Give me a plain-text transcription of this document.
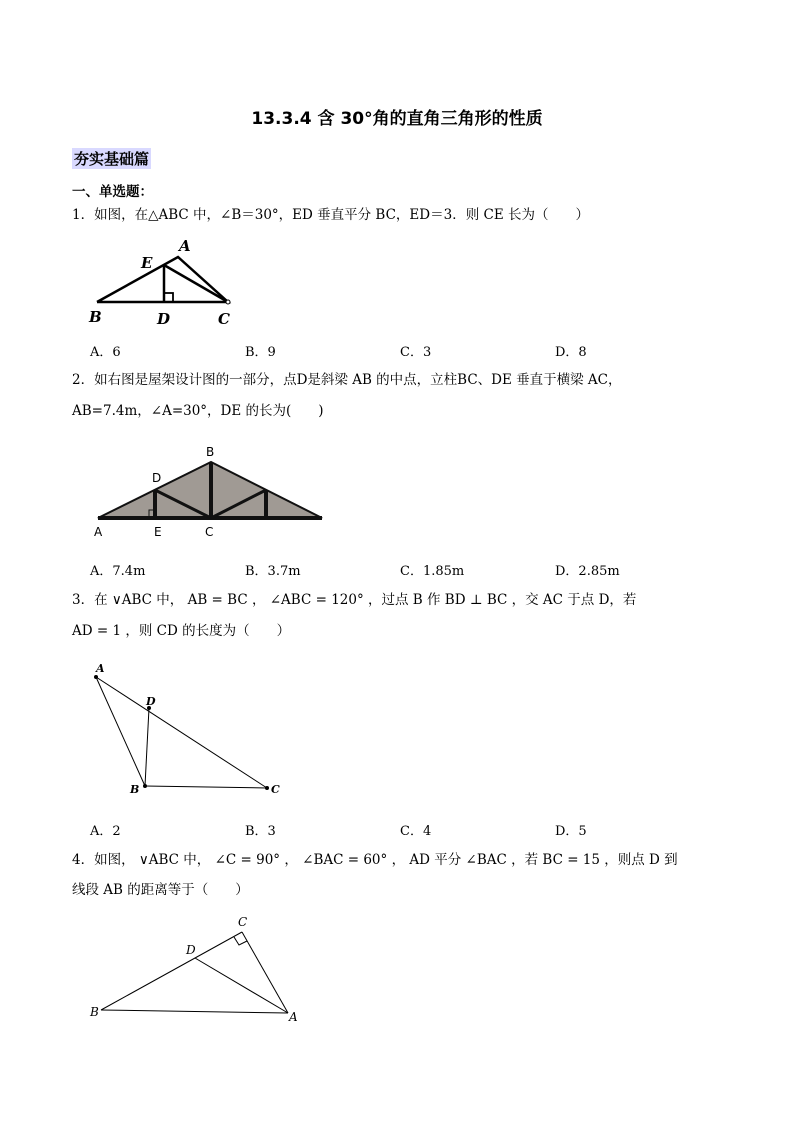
13.3.4 含 30°角的直角三角形的性质
夯实基础篇
一、单选题：
1．如图，在△ABC 中，∠B＝30°，ED 垂直平分 BC，ED＝3．则 CE 长为（　　）
A
E
B	D	C
A．6	B．9	C．3	D．8
2．如右图是屋架设计图的一部分，点D是斜梁 AB 的中点，立柱BC、DE 垂直于横梁 AC，
AB=7.4m，∠A=30°，DE 的长为(　　)
B
D
A	E	C
A．7.4m	B．3.7m	C．1.85m	D．2.85m
3．在 ∨ABC 中， AB = BC ， ∠ABC = 120° ，过点 B 作 BD ⊥ BC ，交 AC 于点 D，若
AD = 1 ，则 CD 的长度为（　　）
A
D
B	C
A．2	B．3	C．4	D．5
4．如图， ∨ABC 中， ∠C = 90° ， ∠BAC = 60° ， AD 平分 ∠BAC ，若 BC = 15 ，则点 D 到
线段 AB 的距离等于（　　）
C
D
B	A
